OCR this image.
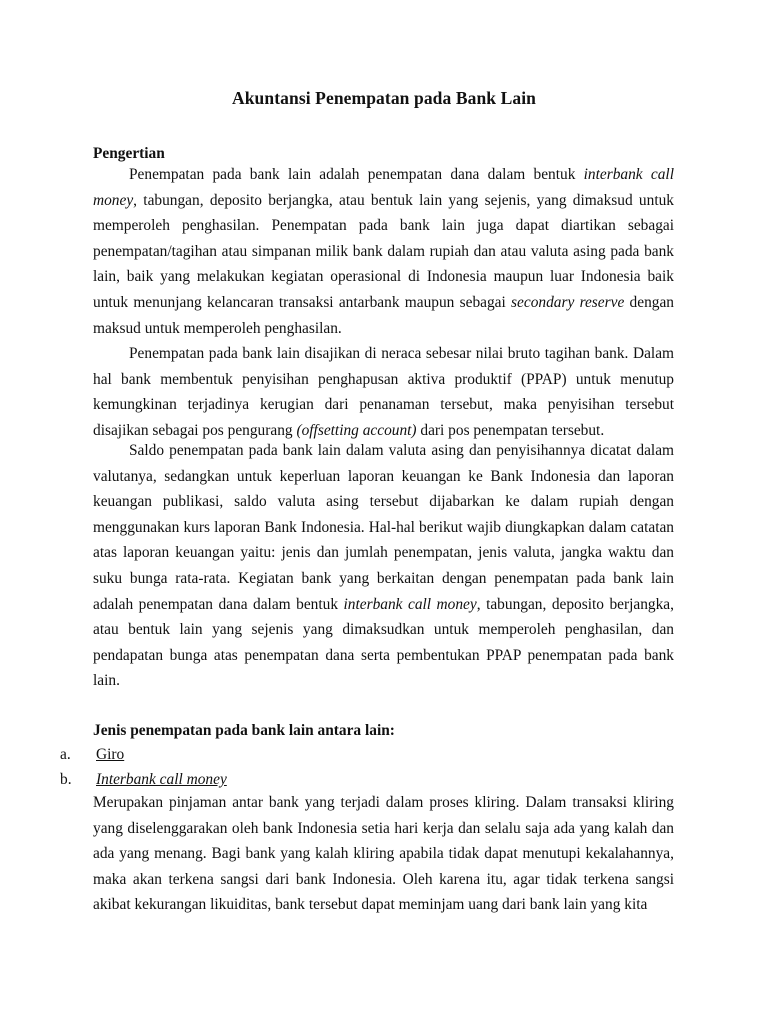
Akuntansi Penempatan pada Bank Lain
Pengertian

Penempatan pada bank lain adalah penempatan dana dalam bentuk interbank call money, tabungan, deposito berjangka, atau bentuk lain yang sejenis, yang dimaksud untuk memperoleh penghasilan. Penempatan pada bank lain juga dapat diartikan sebagai penempatan/tagihan atau simpanan milik bank dalam rupiah dan atau valuta asing pada bank lain, baik yang melakukan kegiatan operasional di Indonesia maupun luar Indonesia baik untuk menunjang kelancaran transaksi antarbank maupun sebagai secondary reserve dengan maksud untuk memperoleh penghasilan.

Penempatan pada bank lain disajikan di neraca sebesar nilai bruto tagihan bank. Dalam hal bank membentuk penyisihan penghapusan aktiva produktif (PPAP) untuk menutup kemungkinan terjadinya kerugian dari penanaman tersebut, maka penyisihan tersebut disajikan sebagai pos pengurang (offsetting account) dari pos penempatan tersebut.

Saldo penempatan pada bank lain dalam valuta asing dan penyisihannya dicatat dalam valutanya, sedangkan untuk keperluan laporan keuangan ke Bank Indonesia dan laporan keuangan publikasi, saldo valuta asing tersebut dijabarkan ke dalam rupiah dengan menggunakan kurs laporan Bank Indonesia. Hal-hal berikut wajib diungkapkan dalam catatan atas laporan keuangan yaitu: jenis dan jumlah penempatan, jenis valuta, jangka waktu dan suku bunga rata-rata. Kegiatan bank yang berkaitan dengan penempatan pada bank lain adalah penempatan dana dalam bentuk interbank call money, tabungan, deposito berjangka, atau bentuk lain yang sejenis yang dimaksudkan untuk memperoleh penghasilan, dan pendapatan bunga atas penempatan dana serta pembentukan PPAP penempatan pada bank lain.

Jenis penempatan pada bank lain antara lain:
a. Giro
b. Interbank call money

Merupakan pinjaman antar bank yang terjadi dalam proses kliring. Dalam transaksi kliring yang diselenggarakan oleh bank Indonesia setia hari kerja dan selalu saja ada yang kalah dan ada yang menang. Bagi bank yang kalah kliring apabila tidak dapat menutupi kekalahannya, maka akan terkena sangsi dari bank Indonesia. Oleh karena itu, agar tidak terkena sangsi akibat kekurangan likuiditas, bank tersebut dapat meminjam uang dari bank lain yang kita
